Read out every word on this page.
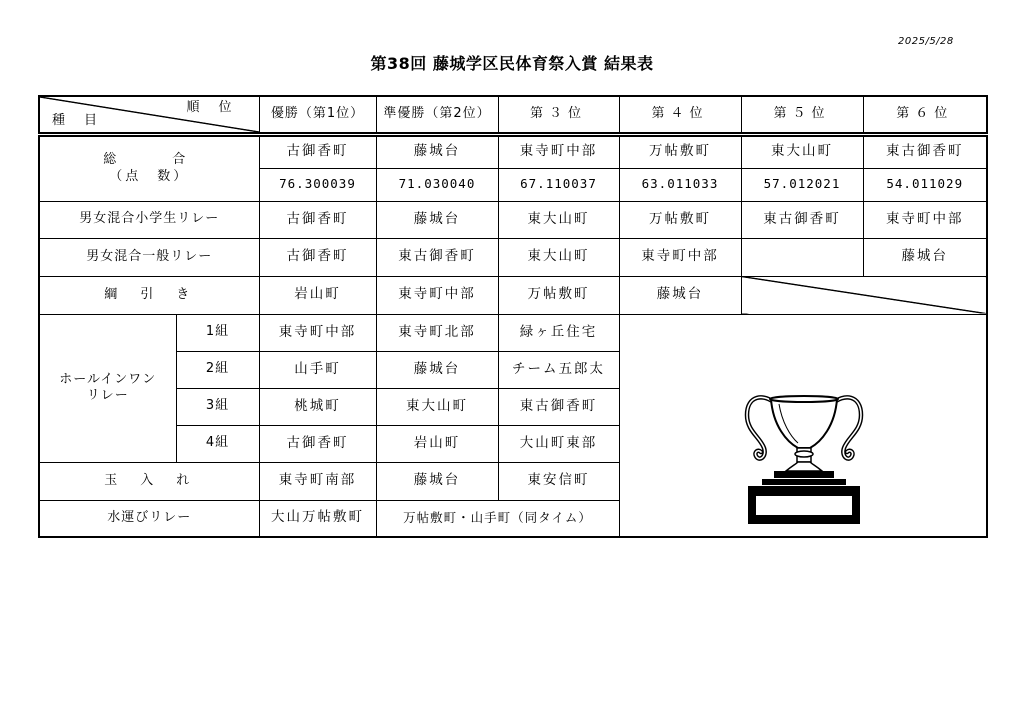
2025/5/28
第38回 藤城学区民体育祭入賞 結果表
順　位
種　目		優勝（第1位）	準優勝（第2位）	第３位	第４位	第５位	第６位

総　　合
（点　数）		古御香町	藤城台	東寺町中部	万帖敷町	東大山町	東古御香町
		76.300039	71.030040	67.110037	63.011033	57.012021	54.011029
男女混合小学生リレー		古御香町	藤城台	東大山町	万帖敷町	東古御香町	東寺町中部
男女混合一般リレー		古御香町	東古御香町	東大山町	東寺町中部		藤城台
綱　引　き		岩山町	東寺町中部	万帖敷町	藤城台		

ホールインワン
リレー	1組	東寺町中部	東寺町北部	緑ヶ丘住宅	
	2組	山手町	藤城台	チーム五郎太			
	3組	桃城町	東大山町	東古御香町			
	4組	古御香町	岩山町	大山町東部			
玉　入　れ		東寺町南部	藤城台	東安信町			
水運びリレー		大山万帖敷町	万帖敷町・山手町（同タイム）				
